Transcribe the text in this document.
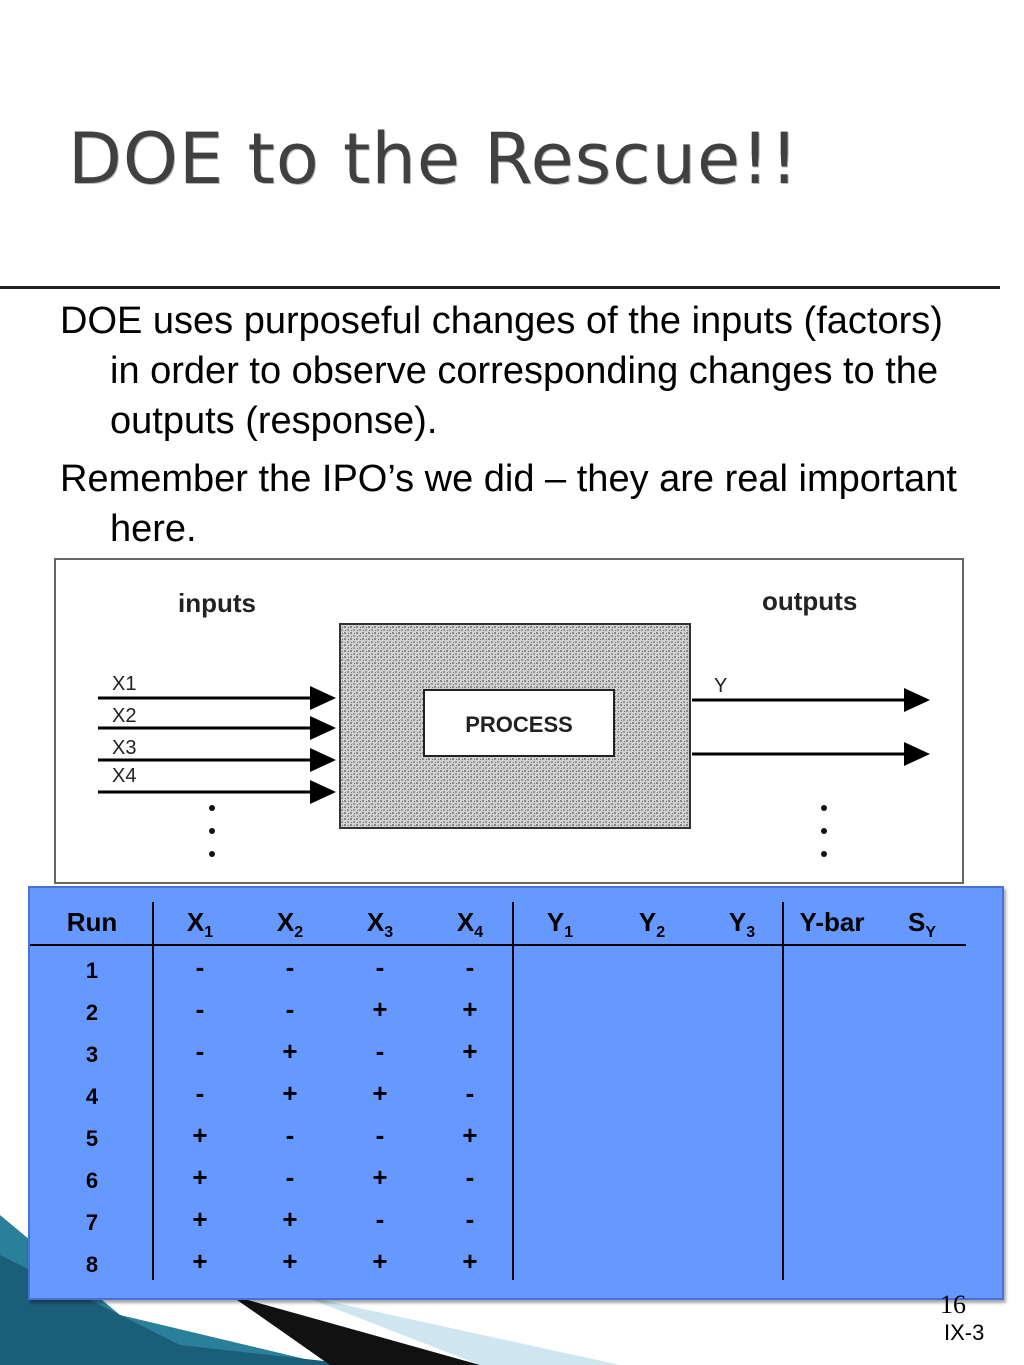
DOE to the Rescue!!

DOE uses purposeful changes of the inputs (factors) in order to observe corresponding changes to the outputs (response).

Remember the IPO’s we did – they are real important here.

inputs	outputs
PROCESS
X1
X2
X3
X4
Y
Run	$X_1$	$X_2$	$X_3$	$X_4$	$Y_1$	$Y_2$	$Y_3$	Y-bar	$S_Y$
1	-	-	-	-
2	-	-	+	+
3	-	+	-	+
4	-	+	+	-
5	+	-	-	+
6	+	-	+	-
7	+	+	-	-
8	+	+	+	+
16
IX-3
